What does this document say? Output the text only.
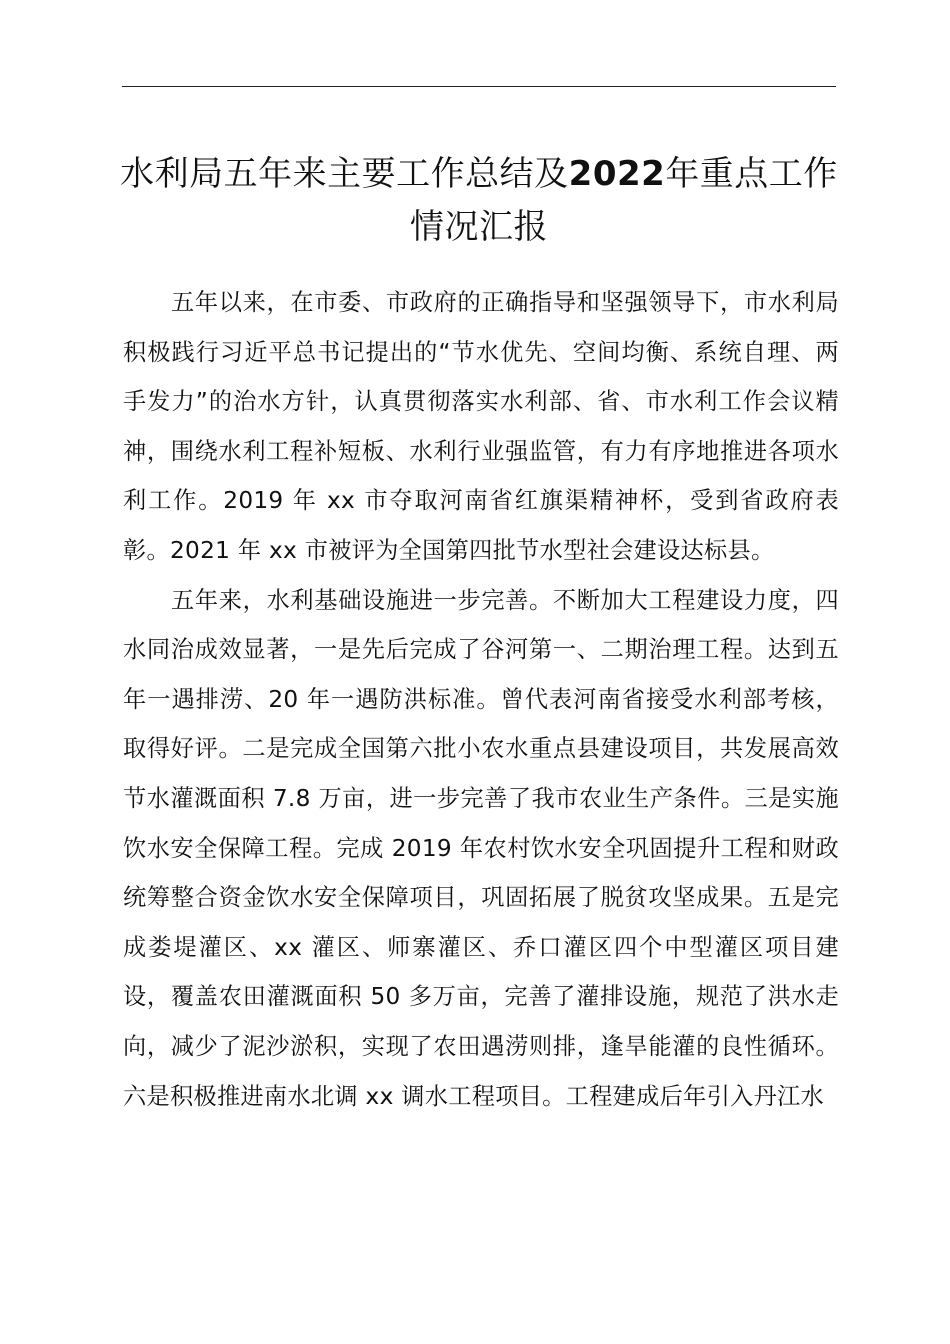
水利局五年来主要工作总结及2022年重点工作情况汇报

五年以来，在市委、市政府的正确指导和坚强领导下，市水利局积极践行习近平总书记提出的“节水优先、空间均衡、系统自理、两手发力”的治水方针，认真贯彻落实水利部、省、市水利工作会议精神，围绕水利工程补短板、水利行业强监管，有力有序地推进各项水利工作。2019 年 xx 市夺取河南省红旗渠精神杯，受到省政府表彰。2021 年 xx 市被评为全国第四批节水型社会建设达标县。

五年来，水利基础设施进一步完善。不断加大工程建设力度，四水同治成效显著，一是先后完成了谷河第一、二期治理工程。达到五年一遇排涝、20 年一遇防洪标准。曾代表河南省接受水利部考核，取得好评。二是完成全国第六批小农水重点县建设项目，共发展高效节水灌溉面积 7.8 万亩，进一步完善了我市农业生产条件。三是实施饮水安全保障工程。完成 2019 年农村饮水安全巩固提升工程和财政统筹整合资金饮水安全保障项目，巩固拓展了脱贫攻坚成果。五是完成娄堤灌区、xx 灌区、师寨灌区、乔口灌区四个中型灌区项目建设，覆盖农田灌溉面积 50 多万亩，完善了灌排设施，规范了洪水走向，减少了泥沙淤积，实现了农田遇涝则排，逢旱能灌的良性循环。六是积极推进南水北调 xx 调水工程项目。工程建成后年引入丹江水
